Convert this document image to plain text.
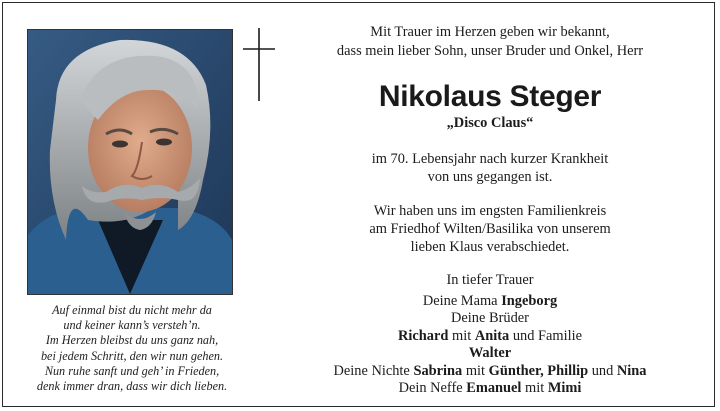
Auf einmal bist du nicht mehr da
und keiner kann’s versteh’n.
Im Herzen bleibst du uns ganz nah,
bei jedem Schritt, den wir nun gehen.
Nun ruhe sanft und geh’ in Frieden,
denk immer dran, dass wir dich lieben.
Mit Trauer im Herzen geben wir bekannt,
dass mein lieber Sohn, unser Bruder und Onkel, Herr
Nikolaus Steger
„Disco Claus“
im 70. Lebensjahr nach kurzer Krankheit
von uns gegangen ist.
Wir haben uns im engsten Familienkreis
am Friedhof Wilten/Basilika von unserem
lieben Klaus verabschiedet.
In tiefer Trauer
Deine Mama Ingeborg
Deine Brüder
Richard mit Anita und Familie
Walter
Deine Nichte Sabrina mit Günther, Phillip und Nina
Dein Neffe Emanuel mit Mimi
